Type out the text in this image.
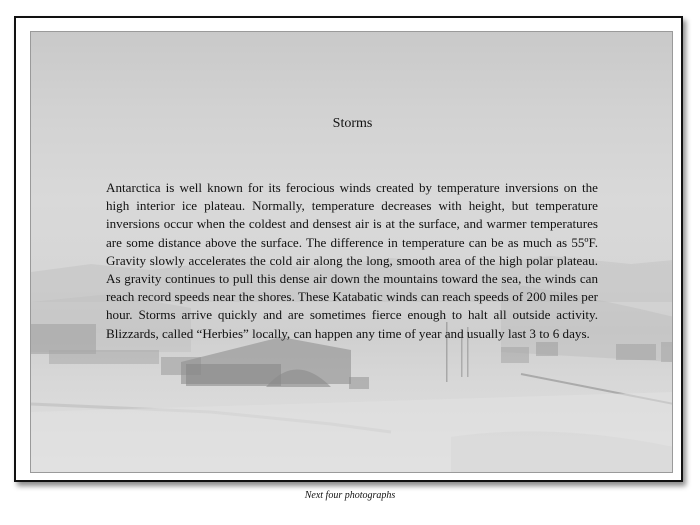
Storms

Antarctica is well known for its ferocious winds created by temperature inversions on the high interior ice plateau. Normally, temperature decreases with height, but temperature inversions occur when the coldest and densest air is at the surface, and warmer temperatures are some distance above the surface. The difference in temperature can be as much as 55ºF. Gravity slowly accelerates the cold air along the long, smooth area of the high polar plateau. As gravity continues to pull this dense air down the mountains toward the sea, the winds can reach record speeds near the shores. These Katabatic winds can reach speeds of 200 miles per hour. Storms arrive quickly and are sometimes fierce enough to halt all outside activity. Blizzards, called “Herbies” locally, can happen any time of year and usually last 3 to 6 days.

Next four photographs
